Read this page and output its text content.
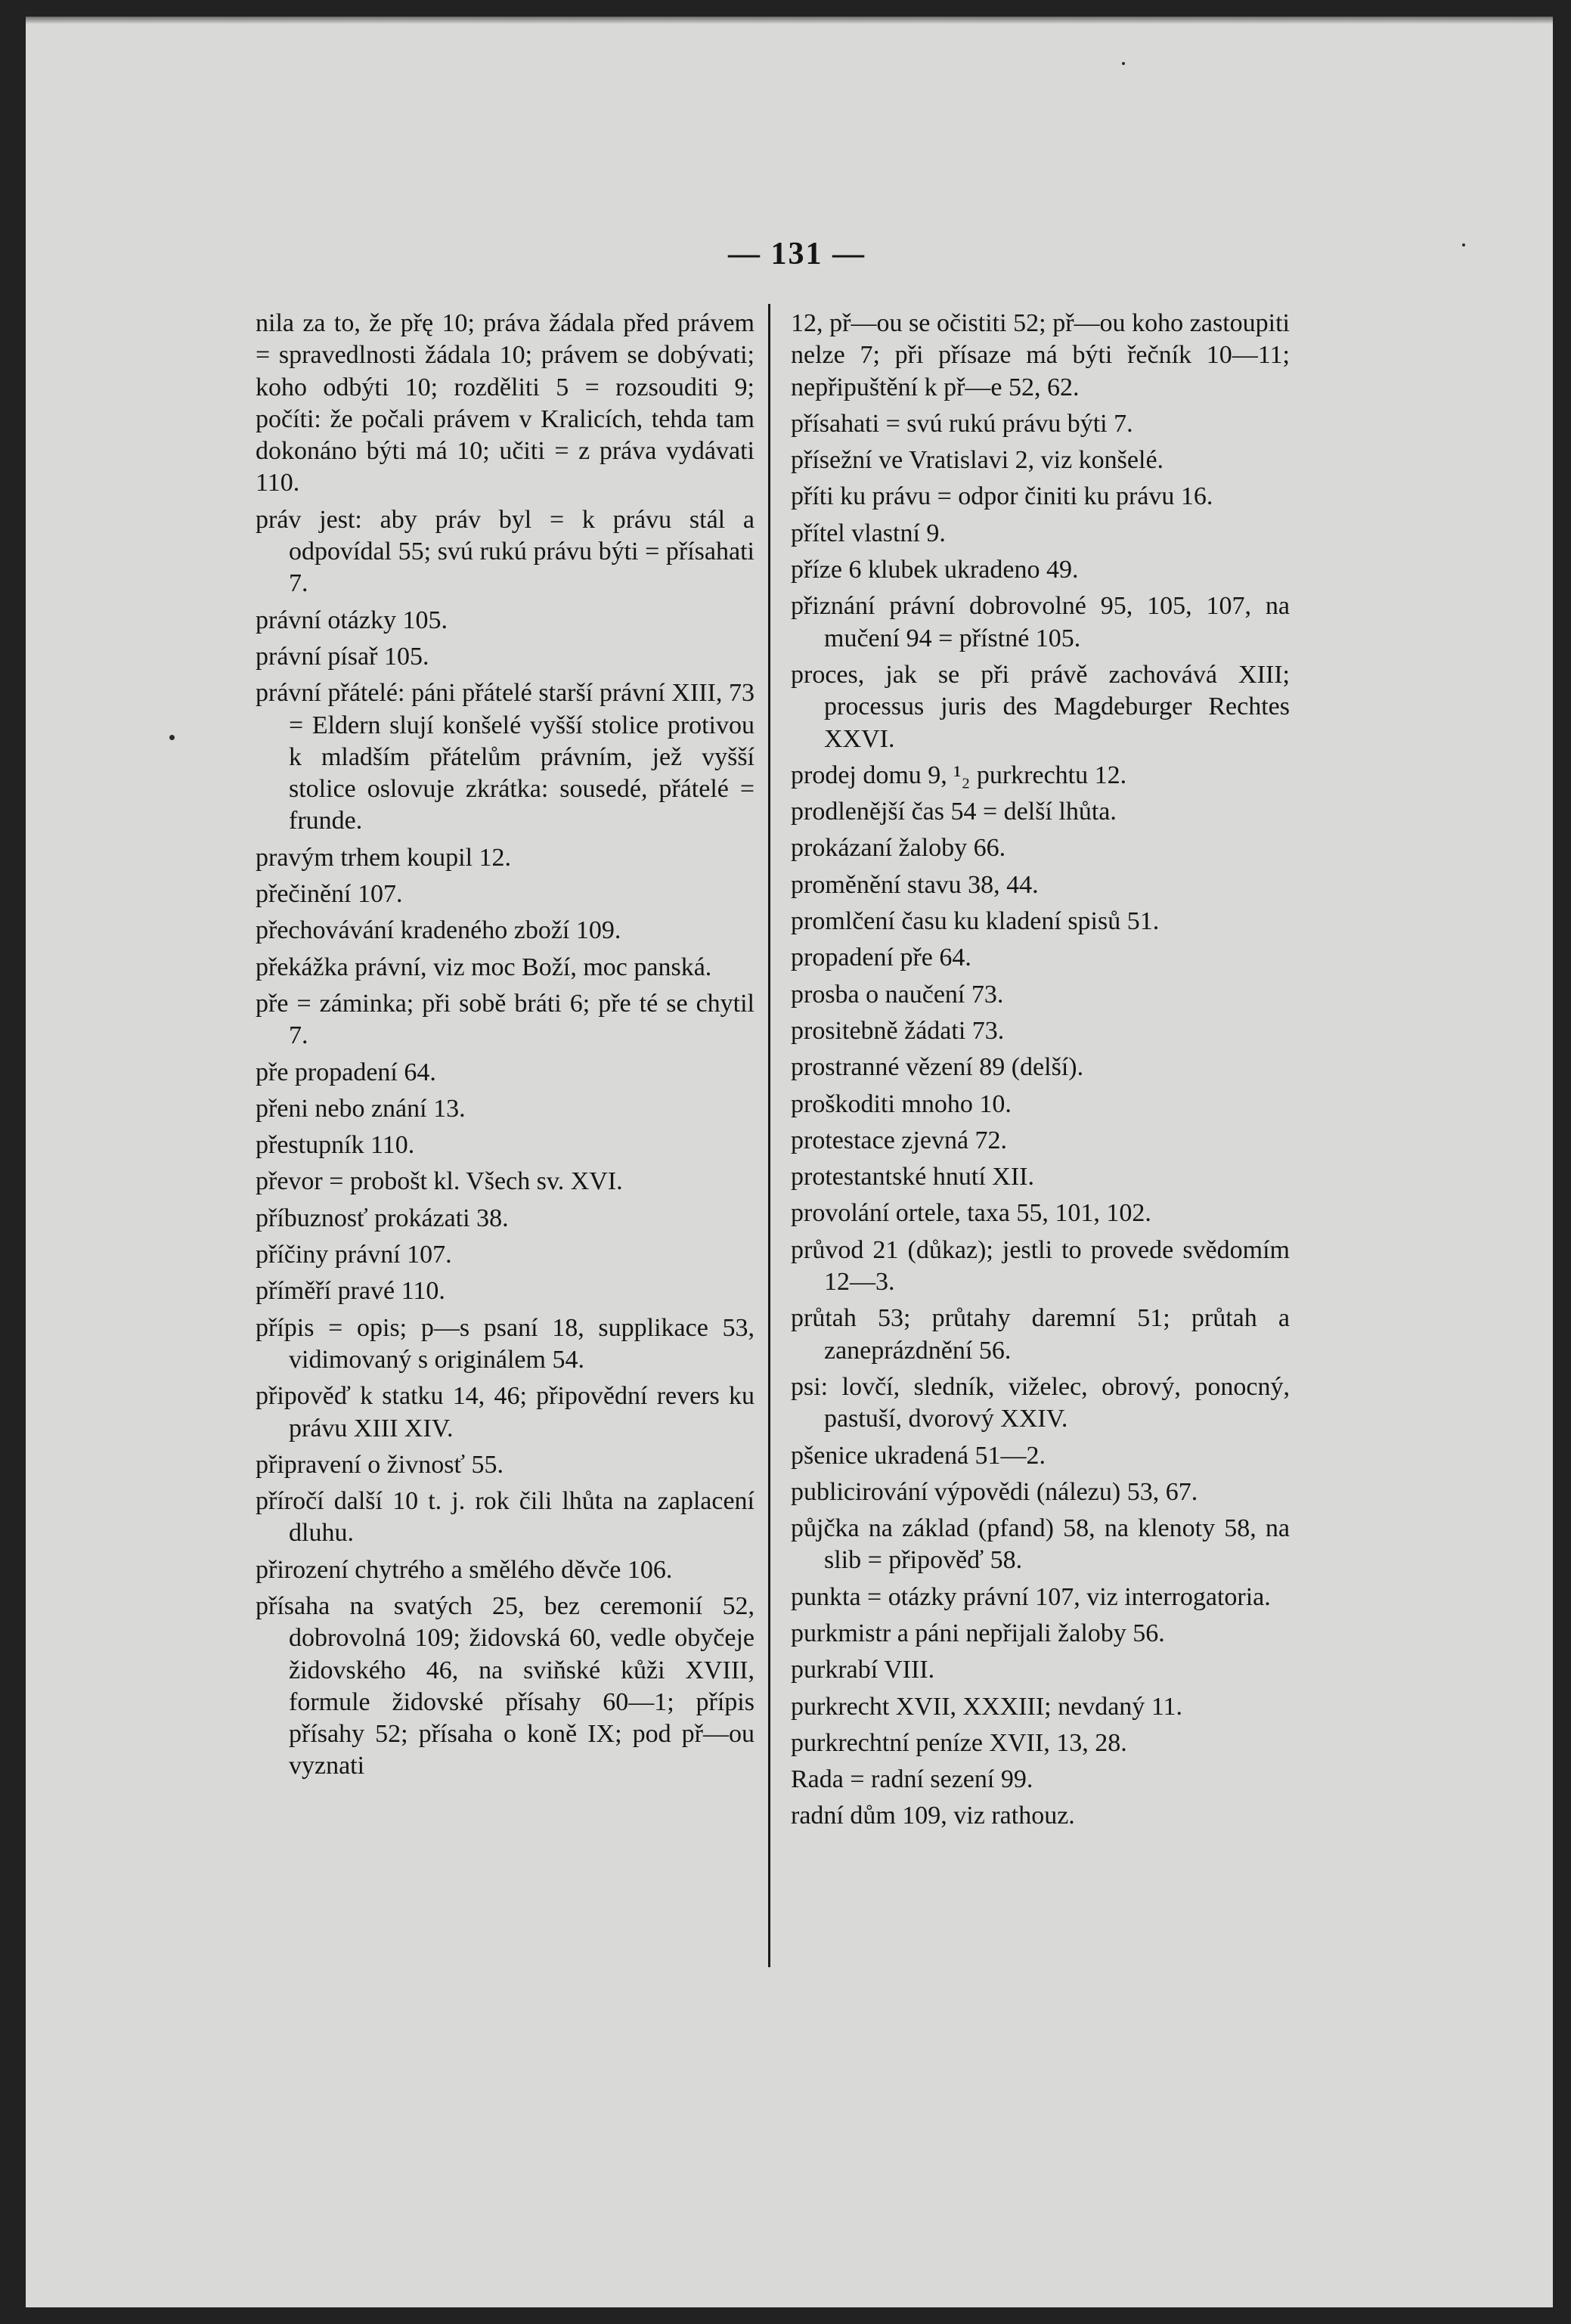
— 131 —
nila za to, že přę 10; práva žádala před právem = spravedlnosti žádala 10; právem se dobývati; koho odbýti 10; rozděliti 5 = rozsouditi 9; počíti: že počali právem v Kralicích, tehda tam dokonáno býti má 10; učiti = z práva vydávati 110.
práv jest: aby práv byl = k právu stál a odpovídal 55; svú rukú právu býti = přísahati 7.
právní otázky 105.
právní písař 105.
právní přátelé: páni přátelé starší právní XIII, 73 = Eldern slují konšelé vyšší stolice protivou k mladším přátelům právním, jež vyšší stolice oslovuje zkrátka: sousedé, přátelé = frunde.
pravým trhem koupil 12.
přečinění 107.
přechovávání kradeného zboží 109.
překážka právní, viz moc Boží, moc panská.
pře = záminka; při sobě bráti 6; pře té se chytil 7.
pře propadení 64.
přeni nebo znání 13.
přestupník 110.
převor = probošt kl. Všech sv. XVI.
příbuznosť prokázati 38.
příčiny právní 107.
příměří pravé 110.
přípis = opis; p—s psaní 18, supplikace 53, vidimovaný s originálem 54.
připověď k statku 14, 46; připovědní revers ku právu XIII XIV.
připravení o živnosť 55.
příročí další 10 t. j. rok čili lhůta na zaplacení dluhu.
přirození chytrého a smělého děvče 106.
přísaha na svatých 25, bez ceremonií 52, dobrovolná 109; židovská 60, vedle obyčeje židovského 46, na sviňské kůži XVIII, formule židovské přísahy 60—1; přípis přísahy 52; přísaha o koně IX; pod př—ou vyznati
12, př—ou se očistiti 52; př—ou koho zastoupiti nelze 7; při přísaze má býti řečník 10—11; nepřipuštění k př—e 52, 62.
přísahati = svú rukú právu býti 7.
přísežní ve Vratislavi 2, viz konšelé.
příti ku právu = odpor činiti ku právu 16.
přítel vlastní 9.
příze 6 klubek ukradeno 49.
přiznání právní dobrovolné 95, 105, 107, na mučení 94 = přístné 105.
proces, jak se při právě zachovává XIII; processus juris des Magdeburger Rechtes XXVI.
prodej domu 9, ¹₂ purkrechtu 12.
prodlenější čas 54 = delší lhůta.
prokázaní žaloby 66.
proměnění stavu 38, 44.
promlčení času ku kladení spisů 51.
propadení pře 64.
prosba o naučení 73.
prositebně žádati 73.
prostranné vězení 89 (delší).
proškoditi mnoho 10.
protestace zjevná 72.
protestantské hnutí XII.
provolání ortele, taxa 55, 101, 102.
průvod 21 (důkaz); jestli to provede svědomím 12—3.
průtah 53; průtahy daremní 51; průtah a zaneprázdnění 56.
psi: lovčí, sledník, viželec, obrový, ponocný, pastuší, dvorový XXIV.
pšenice ukradená 51—2.
publicirování výpovědi (nálezu) 53, 67.
půjčka na základ (pfand) 58, na klenoty 58, na slib = připověď 58.
punkta = otázky právní 107, viz interrogatoria.
purkmistr a páni nepřijali žaloby 56.
purkrabí VIII.
purkrecht XVII, XXXIII; nevdaný 11.
purkrechtní peníze XVII, 13, 28.
Rada = radní sezení 99.
radní dům 109, viz rathouz.
